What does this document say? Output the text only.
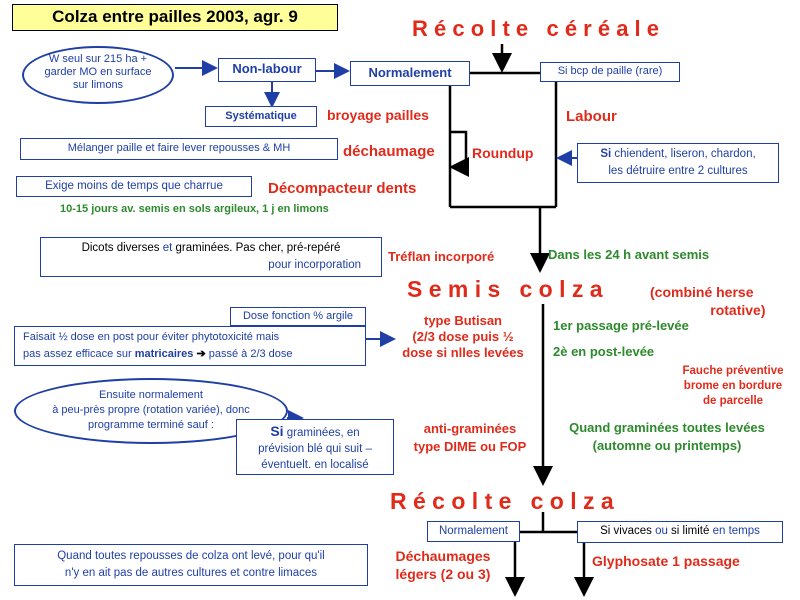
Colza entre pailles 2003, agr. 9	R é c o l t e   c é r é a l e
W seul sur 215 ha +
garder MO en surface
sur limons
Non-labour	Normalement	Si bcp de paille (rare)
Systématique	broyage pailles	Labour
Mélanger paille et faire lever repousses & MH	déchaumage	Roundup	Si chiendent, liseron, chardon,
les détruire entre 2 cultures
Exige moins de temps que charrue	Décompacteur dents
10-15 jours av. semis en sols argileux, 1 j en limons
Dicots diverses et graminées. Pas cher, pré-repéré
pour incorporation
Tréflan incorporé	Dans les 24 h avant semis
S e m i s   c o l z a	(combiné herse
rotative)
Dose fonction % argile
Faisait ½ dose en post pour éviter phytotoxicité mais
pas assez efficace sur matricaires ➔ passé à 2/3 dose
type Butisan
(2/3 dose puis ½
dose si nlles levées
1er passage pré-levée
2è en post-levée
Fauche préventive
brome en bordure
de parcelle
Ensuite normalement
à peu-près propre (rotation variée), donc
programme terminé sauf :	Si graminées, en
prévision blé qui suit –
éventuelt. en localisé
anti-graminées
type DIME ou FOP
Quand graminées toutes levées
(automne ou printemps)
R é c o l t e   c o l z a
Normalement	Si vivaces ou si limité en temps
Quand toutes repousses de colza ont levé, pour qu'il
n'y en ait pas de autres cultures et contre limaces
Déchaumages
légers (2 ou 3)
Glyphosate 1 passage
